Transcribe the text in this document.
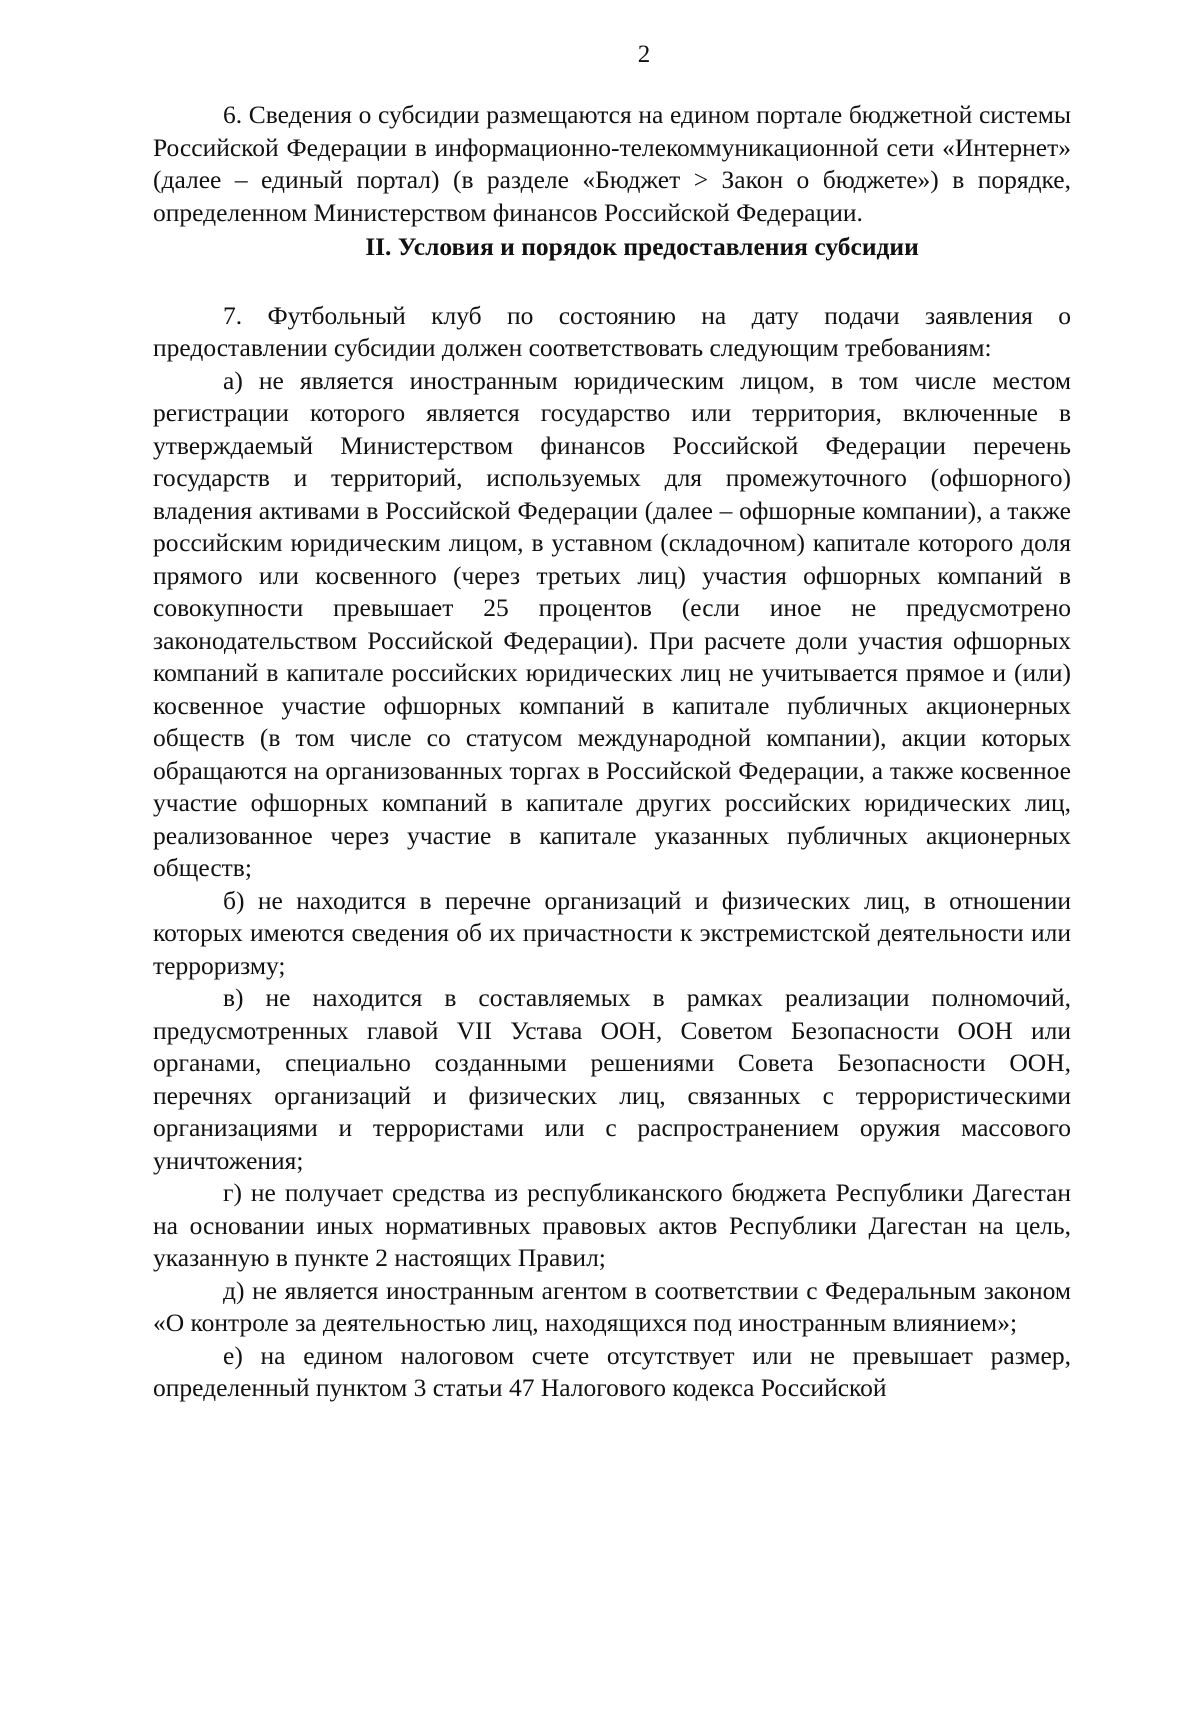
2

6. Сведения о субсидии размещаются на едином портале бюджетной системы Российской Федерации в информационно-телекоммуникационной сети «Интернет» (далее – единый портал) (в разделе «Бюджет > Закон о бюджете») в порядке, определенном Министерством финансов Российской Федерации.

II. Условия и порядок предоставления субсидии

7. Футбольный клуб по состоянию на дату подачи заявления о предоставлении субсидии должен соответствовать следующим требованиям:

а) не является иностранным юридическим лицом, в том числе местом регистрации которого является государство или территория, включенные в утверждаемый Министерством финансов Российской Федерации перечень государств и территорий, используемых для промежуточного (офшорного) владения активами в Российской Федерации (далее – офшорные компании), а также российским юридическим лицом, в уставном (складочном) капитале которого доля прямого или косвенного (через третьих лиц) участия офшорных компаний в совокупности превышает 25 процентов (если иное не предусмотрено законодательством Российской Федерации). При расчете доли участия офшорных компаний в капитале российских юридических лиц не учитывается прямое и (или) косвенное участие офшорных компаний в капитале публичных акционерных обществ (в том числе со статусом международной компании), акции которых обращаются на организованных торгах в Российской Федерации, а также косвенное участие офшорных компаний в капитале других российских юридических лиц, реализованное через участие в капитале указанных публичных акционерных обществ;

б) не находится в перечне организаций и физических лиц, в отношении которых имеются сведения об их причастности к экстремистской деятельности или терроризму;

в) не находится в составляемых в рамках реализации полномочий, предусмотренных главой VII Устава ООН, Советом Безопасности ООН или органами, специально созданными решениями Совета Безопасности ООН, перечнях организаций и физических лиц, связанных с террористическими организациями и террористами или с распространением оружия массового уничтожения;

г) не получает средства из республиканского бюджета Республики Дагестан на основании иных нормативных правовых актов Республики Дагестан на цель, указанную в пункте 2 настоящих Правил;

д) не является иностранным агентом в соответствии с Федеральным законом «О контроле за деятельностью лиц, находящихся под иностранным влиянием»;

е) на едином налоговом счете отсутствует или не превышает размер, определенный пунктом 3 статьи 47 Налогового кодекса Российской
